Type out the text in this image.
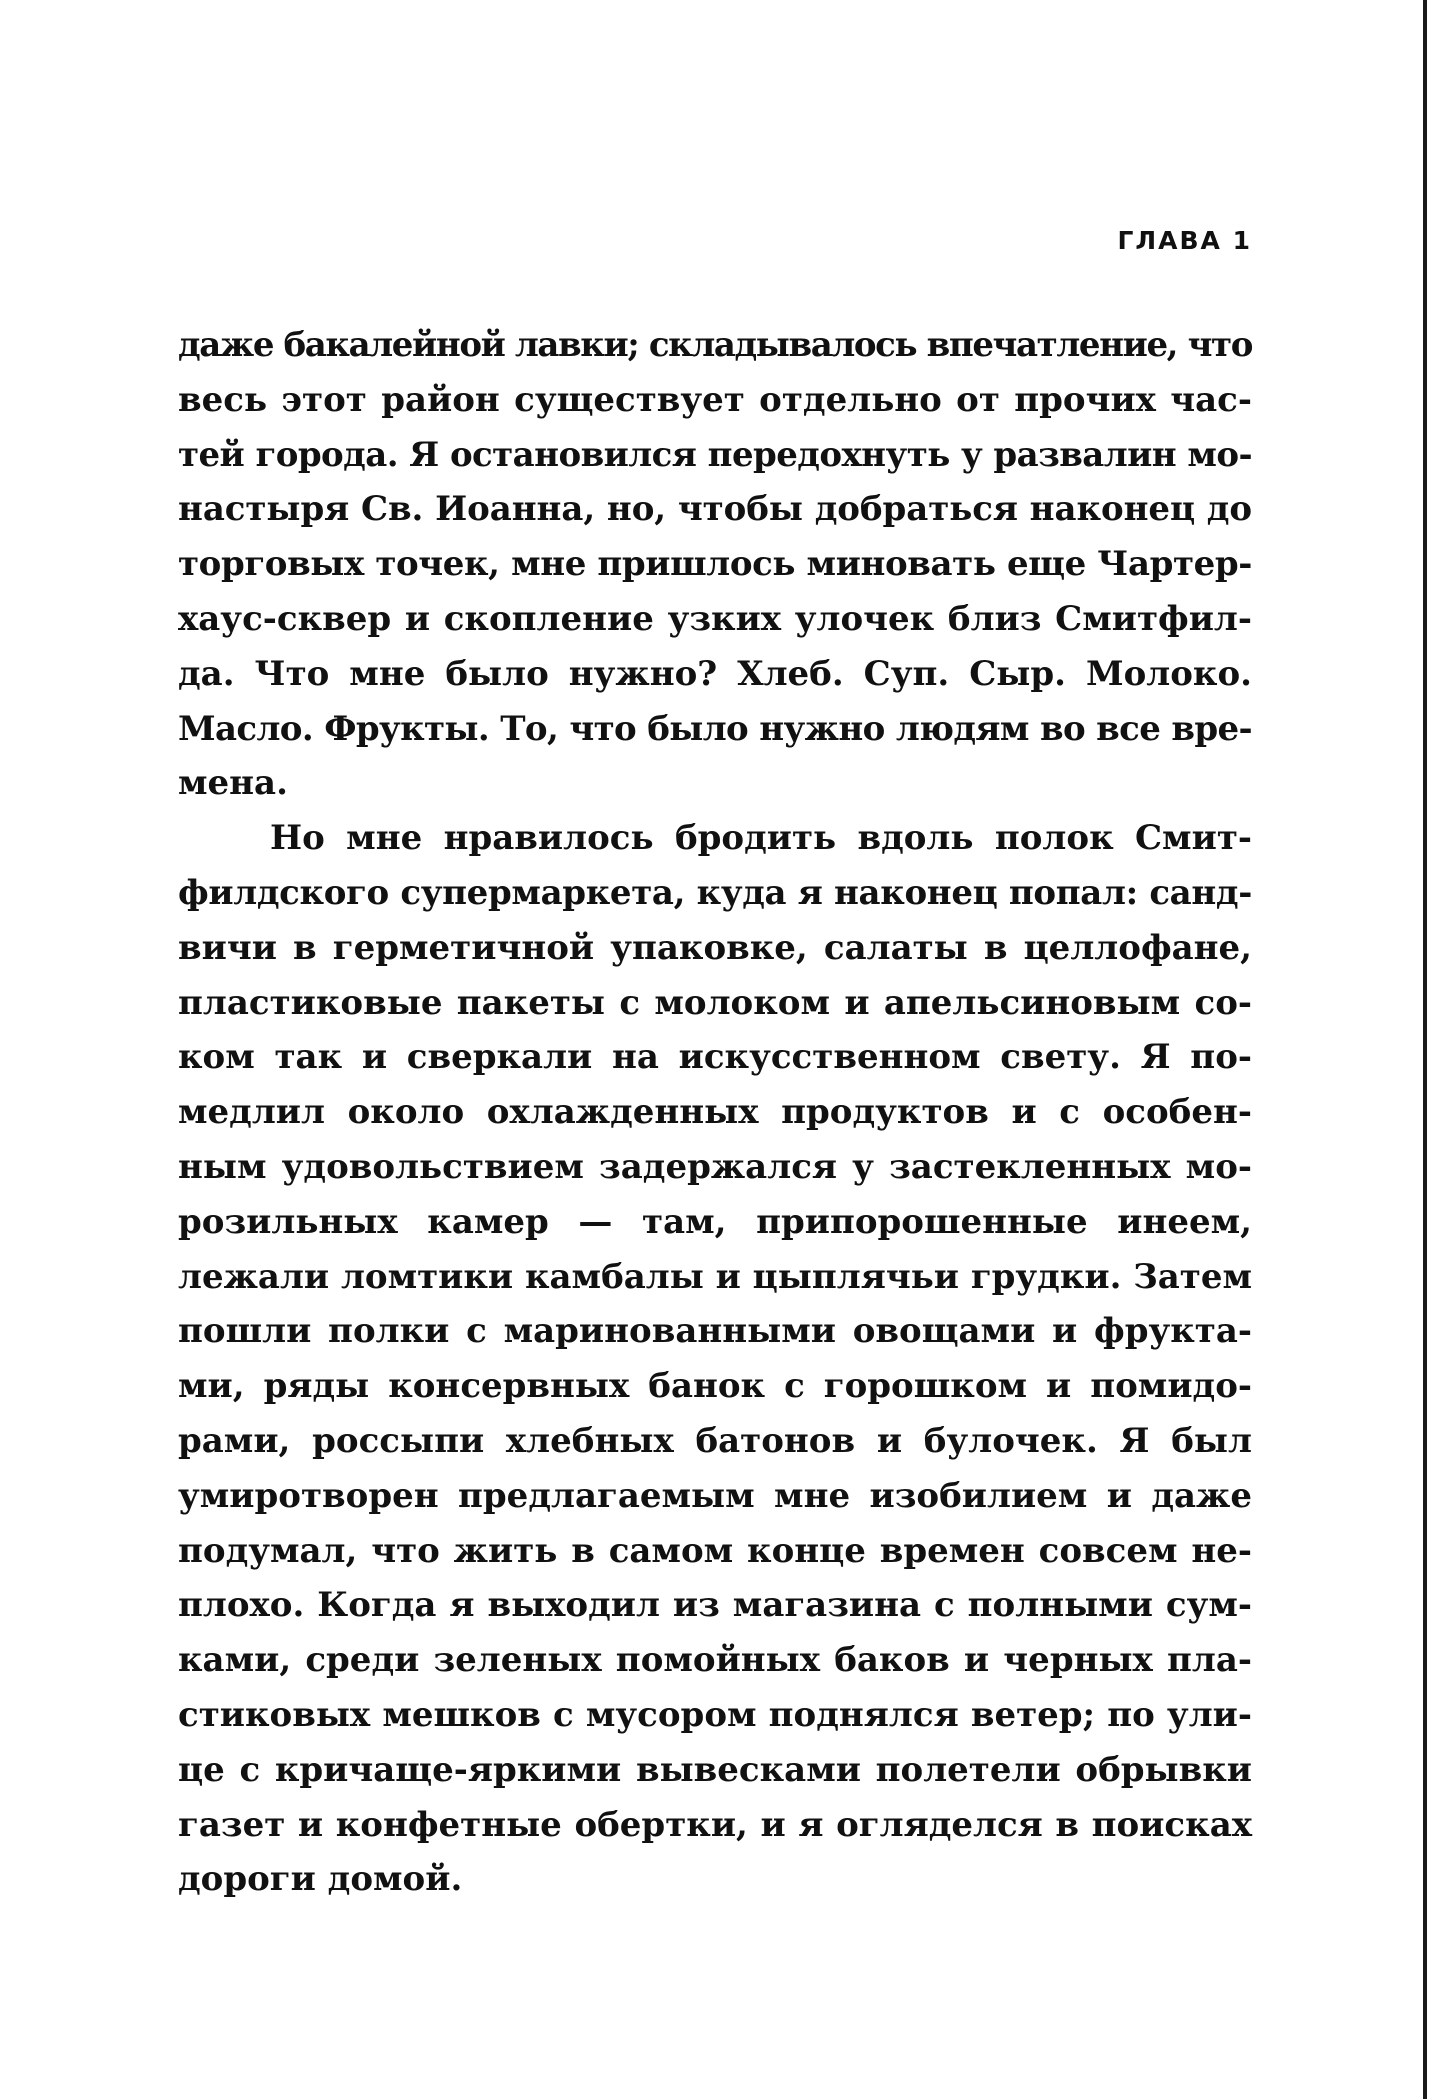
ГЛАВА 1
даже бакалейной лавки; складывалось впечатление, что
весь этот район существует отдельно от прочих час-
тей города. Я остановился передохнуть у развалин мо-
настыря Св. Иоанна, но, чтобы добраться наконец до
торговых точек, мне пришлось миновать еще Чартер-
хаус-сквер и скопление узких улочек близ Смитфил-
да. Что мне было нужно? Хлеб. Суп. Сыр. Молоко.
Масло. Фрукты. То, что было нужно людям во все вре-
мена.
Но мне нравилось бродить вдоль полок Смит-
филдского супермаркета, куда я наконец попал: санд-
вичи в герметичной упаковке, салаты в целлофане,
пластиковые пакеты с молоком и апельсиновым со-
ком так и сверкали на искусственном свету. Я по-
медлил около охлажденных продуктов и с особен-
ным удовольствием задержался у застекленных мо-
розильных камер — там, припорошенные инеем,
лежали ломтики камбалы и цыплячьи грудки. Затем
пошли полки с маринованными овощами и фрукта-
ми, ряды консервных банок с горошком и помидо-
рами, россыпи хлебных батонов и булочек. Я был
умиротворен предлагаемым мне изобилием и даже
подумал, что жить в самом конце времен совсем не-
плохо. Когда я выходил из магазина с полными сум-
ками, среди зеленых помойных баков и черных пла-
стиковых мешков с мусором поднялся ветер; по ули-
це с кричаще-яркими вывесками полетели обрывки
газет и конфетные обертки, и я огляделся в поисках
дороги домой.
